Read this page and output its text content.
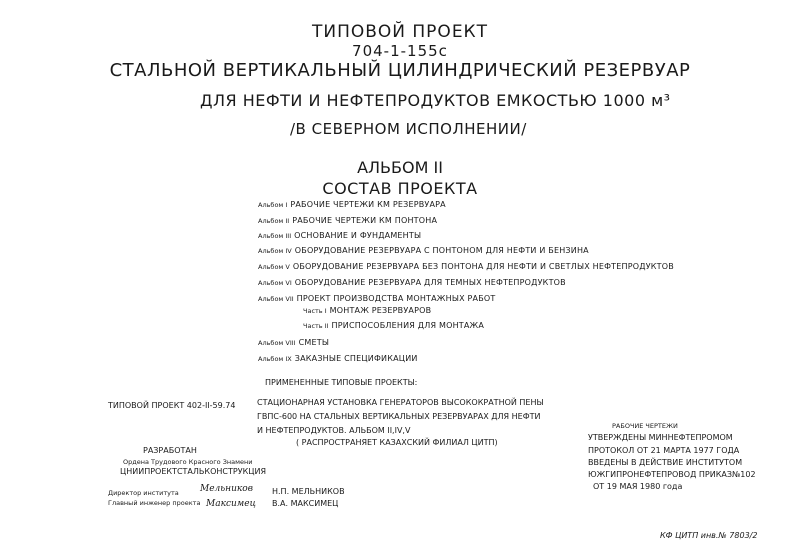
ТИПОВОЙ ПРОЕКТ
704-1-155с
СТАЛЬНОЙ ВЕРТИКАЛЬНЫЙ ЦИЛИНДРИЧЕСКИЙ РЕЗЕРВУАР
ДЛЯ НЕФТИ И НЕФТЕПРОДУКТОВ ЕМКОСТЬЮ 1000 м³
/В СЕВЕРНОМ ИСПОЛНЕНИИ/
АЛЬБОМ II
СОСТАВ ПРОЕКТА
Альбом I РАБОЧИЕ ЧЕРТЕЖИ КМ РЕЗЕРВУАРА
Альбом II РАБОЧИЕ ЧЕРТЕЖИ КМ ПОНТОНА
Альбом III ОСНОВАНИЕ И ФУНДАМЕНТЫ
Альбом IV ОБОРУДОВАНИЕ РЕЗЕРВУАРА С ПОНТОНОМ ДЛЯ НЕФТИ И БЕНЗИНА
Альбом V ОБОРУДОВАНИЕ РЕЗЕРВУАРА БЕЗ ПОНТОНА ДЛЯ НЕФТИ И СВЕТЛЫХ НЕФТЕПРОДУКТОВ
Альбом VI ОБОРУДОВАНИЕ РЕЗЕРВУАРА ДЛЯ ТЕМНЫХ НЕФТЕПРОДУКТОВ
Альбом VII ПРОЕКТ ПРОИЗВОДСТВА МОНТАЖНЫХ РАБОТ
Часть I МОНТАЖ РЕЗЕРВУАРОВ
Часть II ПРИСПОСОБЛЕНИЯ ДЛЯ МОНТАЖА
Альбом VIII СМЕТЫ
Альбом IX ЗАКАЗНЫЕ СПЕЦИФИКАЦИИ
ПРИМЕНЕННЫЕ ТИПОВЫЕ ПРОЕКТЫ:
ТИПОВОЙ ПРОЕКТ 402-II-59.74	СТАЦИОНАРНАЯ УСТАНОВКА ГЕНЕРАТОРОВ ВЫСОКОКРАТНОЙ ПЕНЫ
ГВПС-600 НА СТАЛЬНЫХ ВЕРТИКАЛЬНЫХ РЕЗЕРВУАРАХ ДЛЯ НЕФТИ
И НЕФТЕПРОДУКТОВ. АЛЬБОМ II,IV,V
( РАСПРОСТРАНЯЕТ КАЗАХСКИЙ ФИЛИАЛ ЦИТП)
РАЗРАБОТАН
Ордена Трудового Красного Знамени
ЦНИИПРОЕКТСТАЛЬКОНСТРУКЦИЯ
Директор института Мельников Н.П. МЕЛЬНИКОВ
Главный инженер проекта Максимец В.А. МАКСИМЕЦ
РАБОЧИЕ ЧЕРТЕЖИ
УТВЕРЖДЕНЫ МИННЕФТЕПРОМОМ
ПРОТОКОЛ ОТ 21 МАРТА 1977 ГОДА
ВВЕДЕНЫ В ДЕЙСТВИЕ ИНСТИТУТОМ
ЮЖГИПРОНЕФТЕПРОВОД ПРИКАЗ№102
ОТ 19 МАЯ 1980 года
КФ ЦИТП инв.№ 7803/2
